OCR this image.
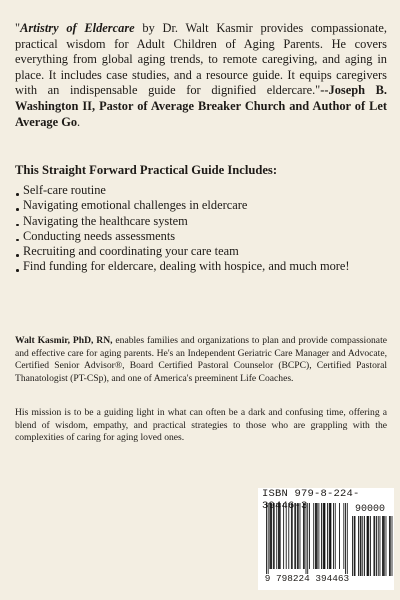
"Artistry of Eldercare by Dr. Walt Kasmir provides compassionate, practical wisdom for Adult Children of Aging Parents. He covers everything from global aging trends, to remote caregiving, and aging in place. It includes case studies, and a resource guide. It equips caregivers with an indispensable guide for dignified eldercare."--Joseph B. Washington II, Pastor of Average Breaker Church and Author of Let Average Go.

This Straight Forward Practical Guide Includes:

Self-care routine
Navigating emotional challenges in eldercare
Navigating the healthcare system
Conducting needs assessments
Recruiting and coordinating your care team
Find funding for eldercare, dealing with hospice, and much more!

Walt Kasmir, PhD, RN, enables families and organizations to plan and provide compassionate and effective care for aging parents. He's an Independent Geriatric Care Manager and Advocate, Certified Senior Advisor®, Board Certified Pastoral Counselor (BCPC), Certified Pastoral Thanatologist (PT-CSp), and one of America's preeminent Life Coaches.

His mission is to be a guiding light in what can often be a dark and confusing time, offering a blend of wisdom, empathy, and practical strategies to those who are grappling with the complexities of caring for aging loved ones.

ISBN 979-8-224-39446-3	90000
9 798224 394463
